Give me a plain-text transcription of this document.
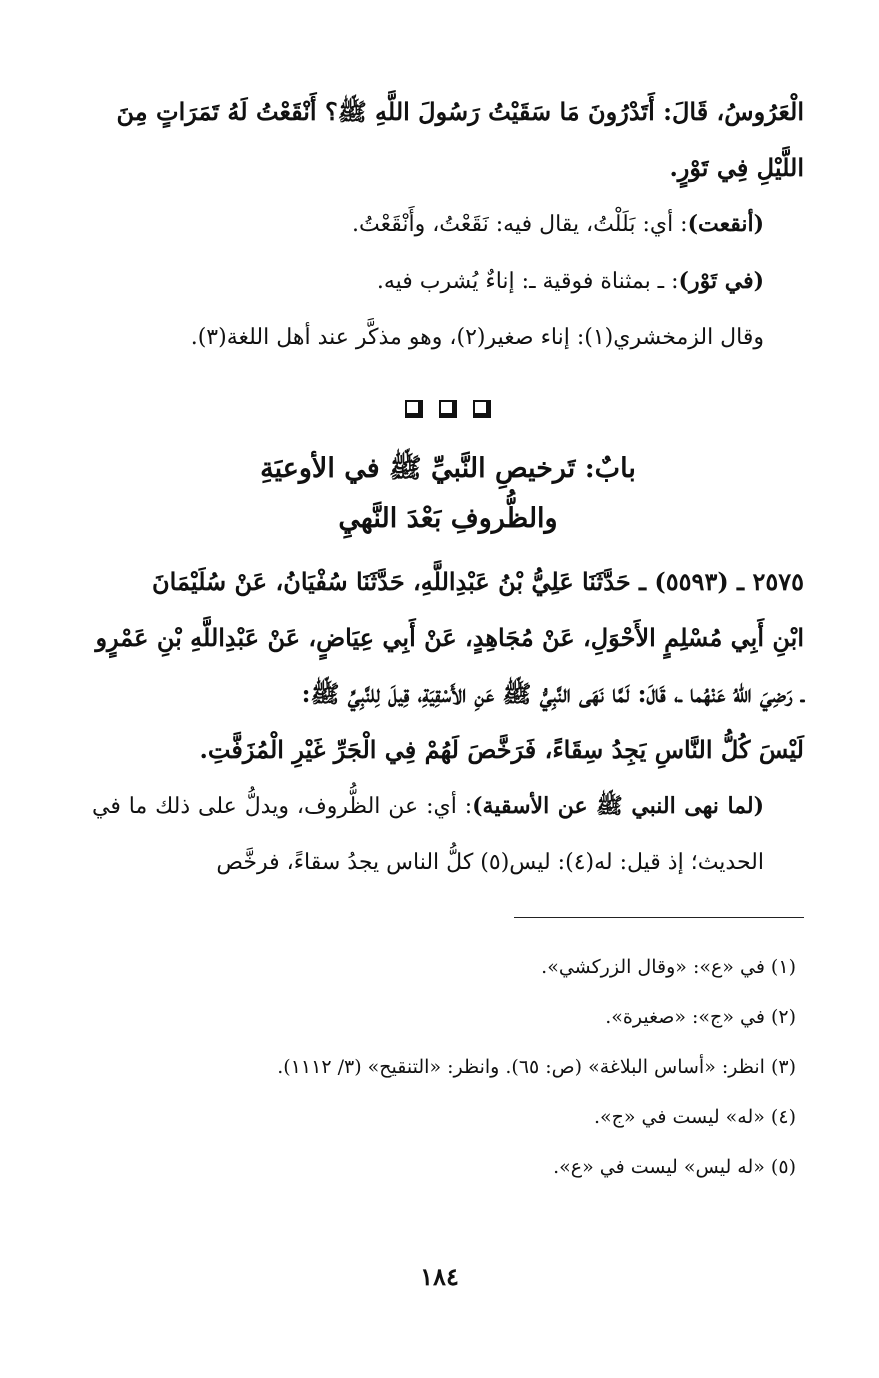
الْعَرُوسُ، قَالَ: أَتَدْرُونَ مَا سَقَيْتُ رَسُولَ اللَّهِ ﷺ؟ أَنْقَعْتُ لَهُ تَمَرَاتٍ مِنَ
اللَّيْلِ فِي تَوْرٍ.
(أنقعت): أي: بَلَلْتُ، يقال فيه: نَقَعْتُ، وأَنْقَعْتُ.
(في تَوْر): ـ بمثناة فوقية ـ: إناءٌ يُشرب فيه.
وقال الزمخشري(١): إناء صغير(٢)، وهو مذكَّر عند أهل اللغة(٣).
بابٌ: تَرخيصِ النَّبيِّ ﷺ في الأوعيَةِ
والظُّروفِ بَعْدَ النَّهيِ
٢٥٧٥ ـ (٥٥٩٣) ـ حَدَّثَنَا عَلِيُّ بْنُ عَبْدِاللَّهِ، حَدَّثَنَا سُفْيَانُ، عَنْ سُلَيْمَانَ
ابْنِ أَبِي مُسْلِمٍ الأَحْوَلِ، عَنْ مُجَاهِدٍ، عَنْ أَبِي عِيَاضٍ، عَنْ عَبْدِاللَّهِ بْنِ عَمْرٍو
ـ رَضِيَ اللهُ عَنْهُما ـ، قَالَ: لَمَّا نَهَى النَّبِيُّ ﷺ عَنِ الأَسْقِيَةِ، قِيلَ لِلنَّبِيِّ ﷺ:
لَيْسَ كُلُّ النَّاسِ يَجِدُ سِقَاءً، فَرَخَّصَ لَهُمْ فِي الْجَرِّ غَيْرِ الْمُزَفَّتِ.
(لما نهى النبي ﷺ عن الأسقية): أي: عن الظُّروف، ويدلُّ على ذلك ما في الحديث؛ إذ قيل: له(٤): ليس(٥) كلُّ الناس يجدُ سقاءً، فرخَّص
(١) في «ع»: «وقال الزركشي».
(٢) في «ج»: «صغيرة».
(٣) انظر: «أساس البلاغة» (ص: ٦٥). وانظر: «التنقيح» (٣/ ١١١٢).
(٤) «له» ليست في «ج».
(٥) «له ليس» ليست في «ع».
١٨٤
